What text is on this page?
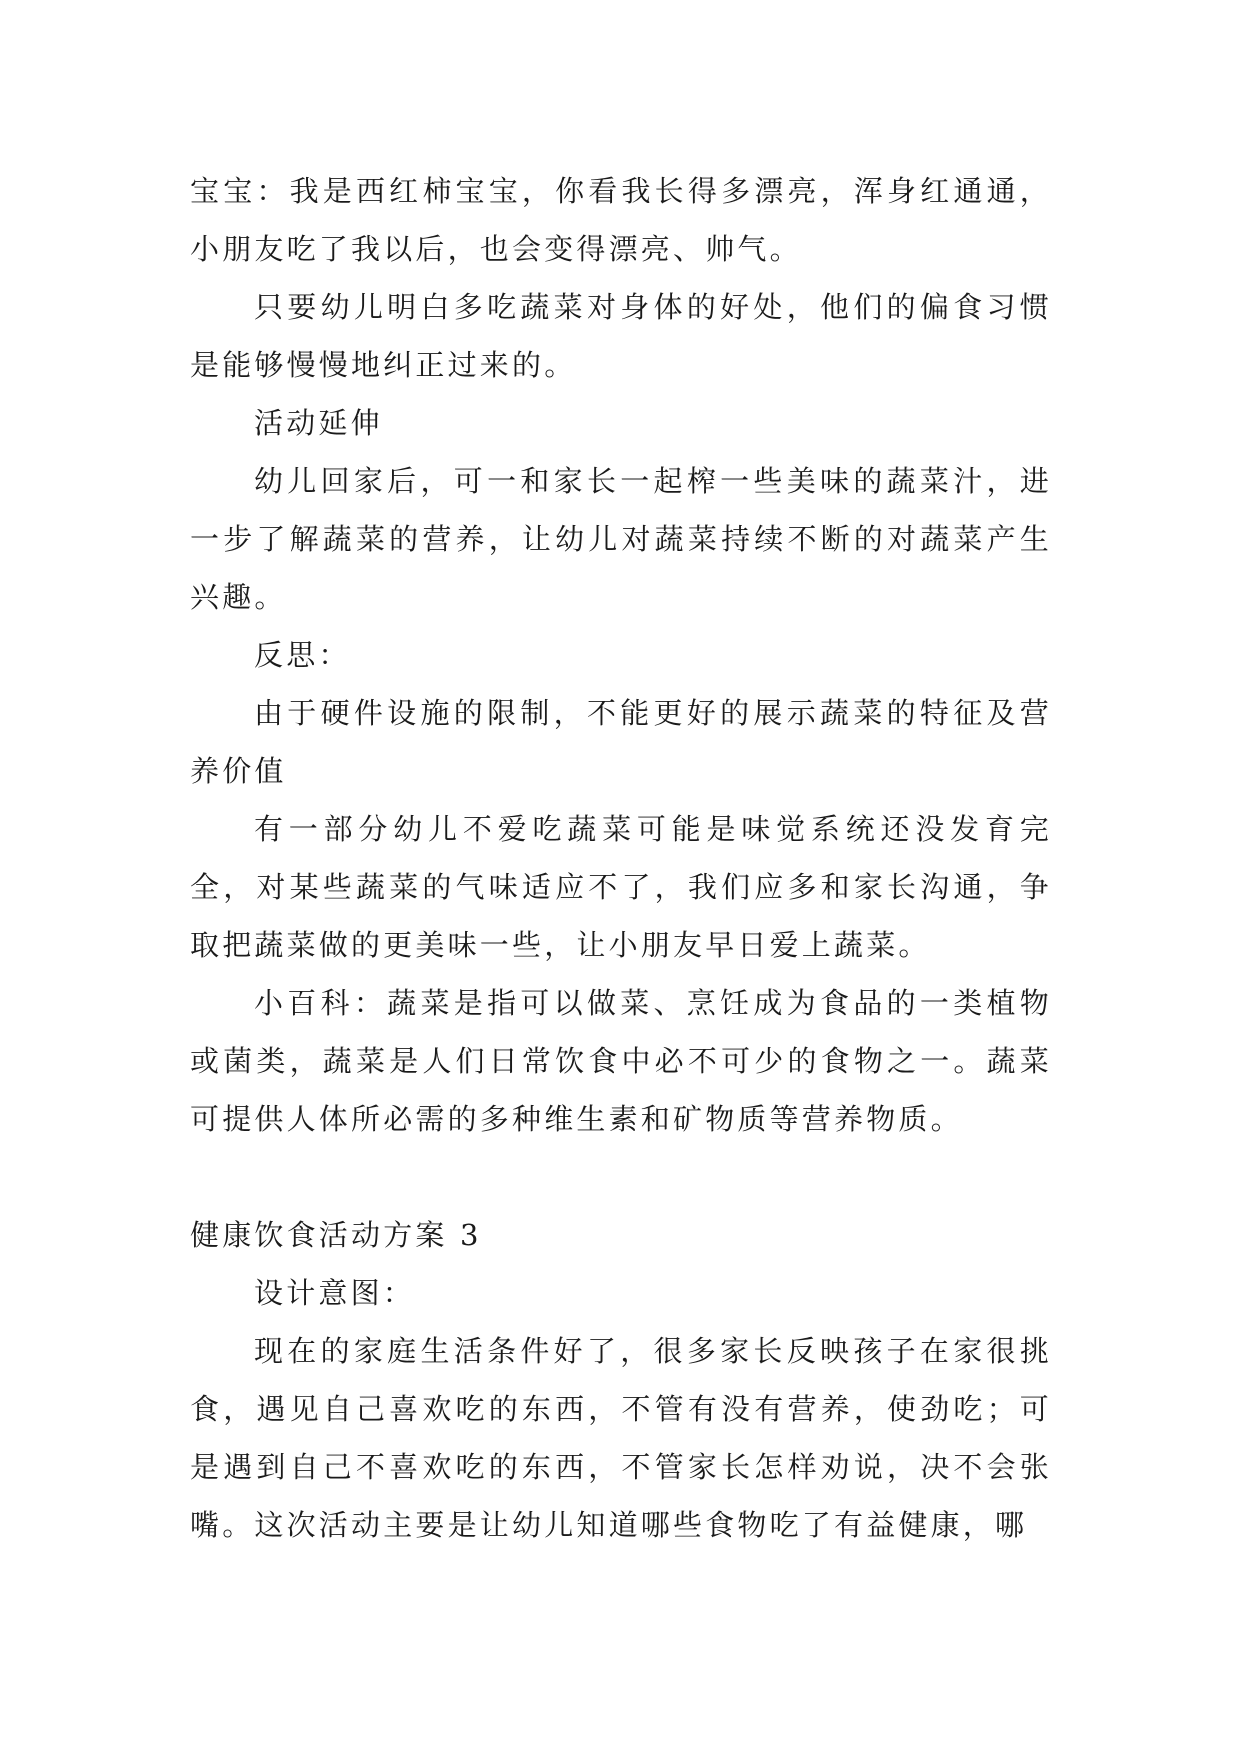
宝宝：我是西红柿宝宝，你看我长得多漂亮，浑身红通通，小朋友吃了我以后，也会变得漂亮、帅气。

只要幼儿明白多吃蔬菜对身体的好处，他们的偏食习惯是能够慢慢地纠正过来的。

活动延伸

幼儿回家后，可一和家长一起榨一些美味的蔬菜汁，进一步了解蔬菜的营养，让幼儿对蔬菜持续不断的对蔬菜产生兴趣。

反思：

由于硬件设施的限制，不能更好的展示蔬菜的特征及营养价值

有一部分幼儿不爱吃蔬菜可能是味觉系统还没发育完全，对某些蔬菜的气味适应不了，我们应多和家长沟通，争取把蔬菜做的更美味一些，让小朋友早日爱上蔬菜。

小百科：蔬菜是指可以做菜、烹饪成为食品的一类植物或菌类，蔬菜是人们日常饮食中必不可少的食物之一。蔬菜可提供人体所必需的多种维生素和矿物质等营养物质。

健康饮食活动方案 3

设计意图：

现在的家庭生活条件好了，很多家长反映孩子在家很挑食，遇见自己喜欢吃的东西，不管有没有营养，使劲吃；可是遇到自己不喜欢吃的东西，不管家长怎样劝说，决不会张嘴。这次活动主要是让幼儿知道哪些食物吃了有益健康，哪
